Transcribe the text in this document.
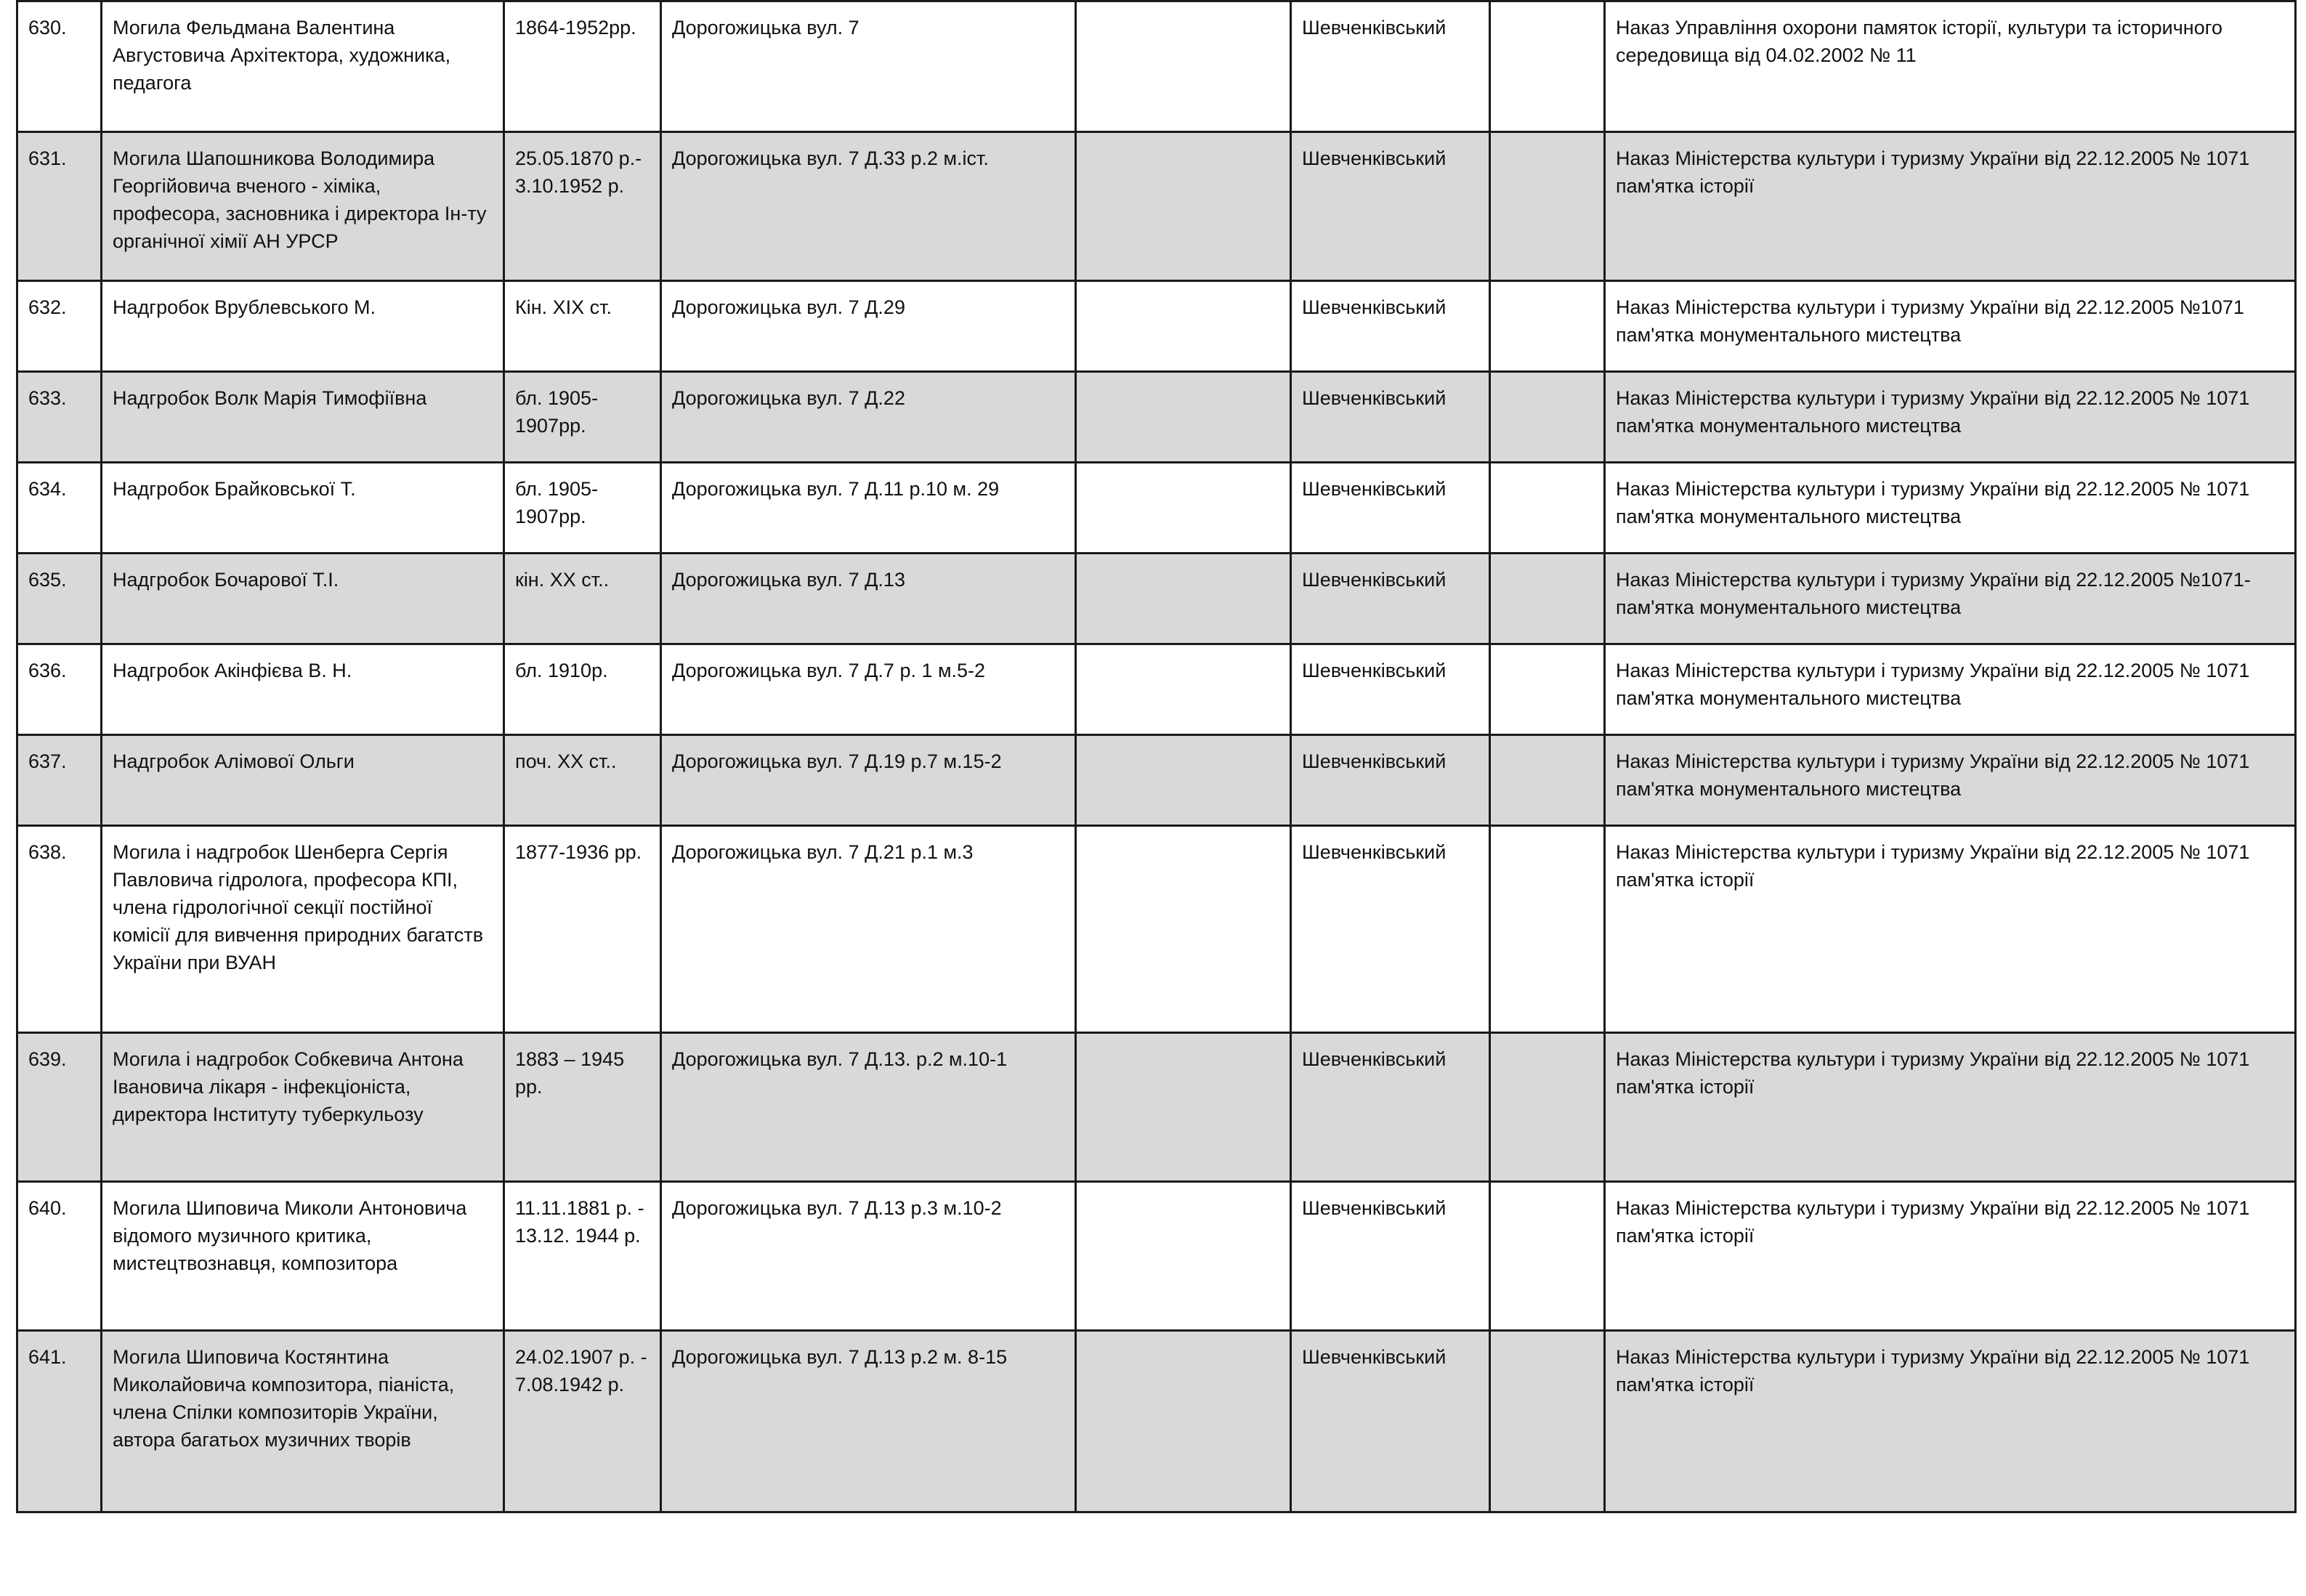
630.	Могила Фельдмана Валентина Августовича Архітектора, художника, педагога	1864-1952рр.	Дорогожицька вул. 7		Шевченківський		Наказ Управління охорони памяток історії, культури та історичного середовища від 04.02.2002 № 11
631.	Могила Шапошникова Володимира Георгійовича вченого - хіміка, професора, засновника і директора Ін-ту органічної хімії АН УРСР	25.05.1870 р.- 3.10.1952 р.	Дорогожицька вул. 7 Д.33 р.2 м.іст.		Шевченківський		Наказ Міністерства культури і туризму України від 22.12.2005 № 1071 пам'ятка історії
632.	Надгробок Врублевського М.	Кін. XIX ст.	Дорогожицька вул. 7 Д.29		Шевченківський		Наказ Міністерства культури і туризму України від 22.12.2005 №1071 пам'ятка монументального мистецтва
633.	Надгробок Волк Марія Тимофіївна	бл. 1905-1907рр.	Дорогожицька вул. 7 Д.22		Шевченківський		Наказ Міністерства культури і туризму України від 22.12.2005 № 1071 пам'ятка монументального мистецтва
634.	Надгробок Брайковської Т.	бл. 1905-1907рр.	Дорогожицька вул. 7 Д.11 р.10 м. 29		Шевченківський		Наказ Міністерства культури і туризму України від 22.12.2005 № 1071 пам'ятка монументального мистецтва
635.	Надгробок Бочарової Т.І.	кін. XX ст..	Дорогожицька вул. 7 Д.13		Шевченківський		Наказ Міністерства культури і туризму України від 22.12.2005 №1071- пам'ятка монументального мистецтва
636.	Надгробок Акінфієва В. Н.	бл. 1910р.	Дорогожицька вул. 7 Д.7 р. 1 м.5-2		Шевченківський		Наказ Міністерства культури і туризму України від 22.12.2005 № 1071 пам'ятка монументального мистецтва
637.	Надгробок Алімової Ольги	поч. XX ст..	Дорогожицька вул. 7 Д.19 р.7 м.15-2		Шевченківський		Наказ Міністерства культури і туризму України від 22.12.2005 № 1071 пам'ятка монументального мистецтва
638.	Могила і надгробок Шенберга Сергія Павловича гідролога, професора КПІ, члена гідрологічної секції постійної комісії для вивчення природних багатств України при ВУАН	1877-1936 рр.	Дорогожицька вул. 7 Д.21 р.1 м.3		Шевченківський		Наказ Міністерства культури і туризму України від 22.12.2005 № 1071 пам'ятка історії
639.	Могила і надгробок Собкевича Антона Івановича лікаря - інфекціоніста, директора Інституту туберкульозу	1883 – 1945 рр.	Дорогожицька вул. 7 Д.13. р.2 м.10-1		Шевченківський		Наказ Міністерства культури і туризму України від 22.12.2005 № 1071 пам'ятка історії
640.	Могила Шиповича Миколи Антоновича відомого музичного критика, мистецтвознавця, композитора	11.11.1881 р. - 13.12. 1944 р.	Дорогожицька вул. 7 Д.13 р.3 м.10-2		Шевченківський		Наказ Міністерства культури і туризму України від 22.12.2005 № 1071 пам'ятка історії
641.	Могила Шиповича Костянтина Миколайовича композитора, піаніста, члена Спілки композиторів України, автора багатьох музичних творів	24.02.1907 р. - 7.08.1942 р.	Дорогожицька вул. 7 Д.13 р.2 м. 8-15		Шевченківський		Наказ Міністерства культури і туризму України від 22.12.2005 № 1071 пам'ятка історії
